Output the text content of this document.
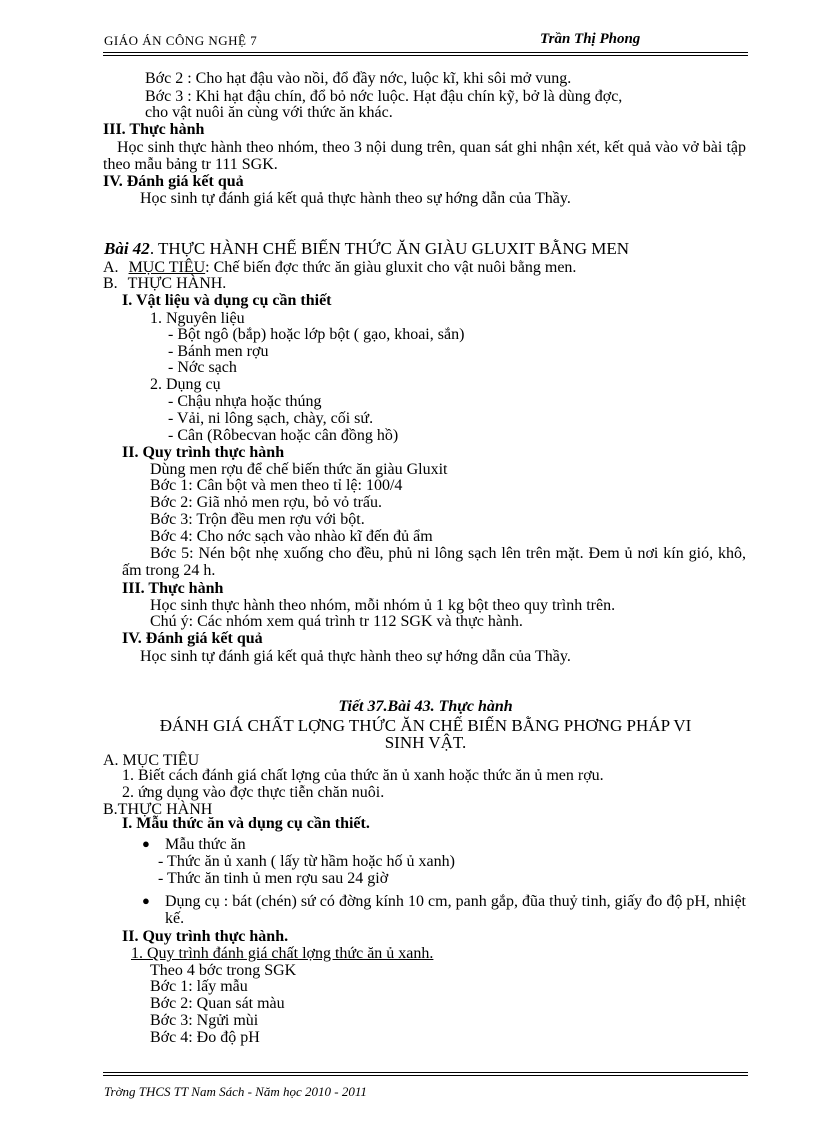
GIÁO ÁN CÔNG NGHỆ 7	Trần Thị Phong
Bớc 2 : Cho hạt đậu vào nồi, đổ đầy nớc, luộc kĩ, khi sôi mở vung.
Bớc 3 : Khi hạt đậu chín, đổ bỏ nớc luộc. Hạt đậu chín kỹ, bở là dùng đợc,
cho vật nuôi ăn cùng với thức ăn khác.
III. Thực hành
Học sinh thực hành theo nhóm, theo 3 nội dung trên, quan sát ghi nhận xét, kết quả vào vở bài tập theo mẫu bảng tr 111 SGK.
IV. Đánh giá kết quả
Học sinh tự đánh giá kết quả thực hành theo sự hớng dẫn của Thầy.
Bài 42. THỰC HÀNH CHẾ BIẾN THỨC ĂN GIÀU GLUXIT BẰNG MEN
A. MỤC TIÊU: Chế biến đợc thức ăn giàu gluxit cho vật nuôi bằng men.
B. THỰC HÀNH.
I. Vật liệu và dụng cụ cần thiết
1. Nguyên liệu
- Bột ngô (bắp) hoặc lớp bột ( gạo, khoai, sắn)
- Bánh men rợu
- Nớc sạch
2. Dụng cụ
- Chậu nhựa hoặc thúng
- Vải, ni lông sạch, chày, cối sứ.
- Cân (Rôbecvan hoặc cân đồng hồ)
II. Quy trình thực hành
Dùng men rợu để chế biến thức ăn giàu Gluxit
Bớc 1: Cân bột và men theo tỉ lệ: 100/4
Bớc 2: Giã nhỏ men rợu, bỏ vỏ trấu.
Bớc 3: Trộn đều men rợu với bột.
Bớc 4: Cho nớc sạch vào nhào kĩ đến đủ ẩm
Bớc 5: Nén bột nhẹ xuống cho đều, phủ ni lông sạch lên trên mặt. Đem ủ nơi kín gió, khô, ấm trong 24 h.
III. Thực hành
Học sinh thực hành theo nhóm, mỗi nhóm ủ 1 kg bột theo quy trình trên.
Chú ý: Các nhóm xem quá trình tr 112 SGK và thực hành.
IV. Đánh giá kết quả
Học sinh tự đánh giá kết quả thực hành theo sự hớng dẫn của Thầy.
Tiết 37.Bài 43. Thực hành
ĐÁNH GIÁ CHẤT LỢNG THỨC ĂN CHẾ BIẾN BẰNG PHƠNG PHÁP VI
SINH VẬT.
A. MỤC TIÊU
1. Biết cách đánh giá chất lợng của thức ăn ủ xanh hoặc thức ăn ủ men rợu.
2. ứng dụng vào đợc thực tiễn chăn nuôi.
B.THỰC HÀNH
I. Mẫu thức ăn và dụng cụ cần thiết.
● Mẫu thức ăn
- Thức ăn ủ xanh ( lấy từ hầm hoặc hố ủ xanh)
- Thức ăn tinh ủ men rợu sau 24 giờ
● Dụng cụ : bát (chén) sứ có đờng kính 10 cm, panh gắp, đũa thuỷ tinh, giấy đo độ pH, nhiệt kế.
II. Quy trình thực hành.
1. Quy trình đánh giá chất lợng thức ăn ủ xanh.
Theo 4 bớc trong SGK
Bớc 1: lấy mẫu
Bớc 2: Quan sát màu
Bớc 3: Ngửi mùi
Bớc 4: Đo độ pH
Trờng THCS TT Nam Sách - Năm học 2010 - 2011
